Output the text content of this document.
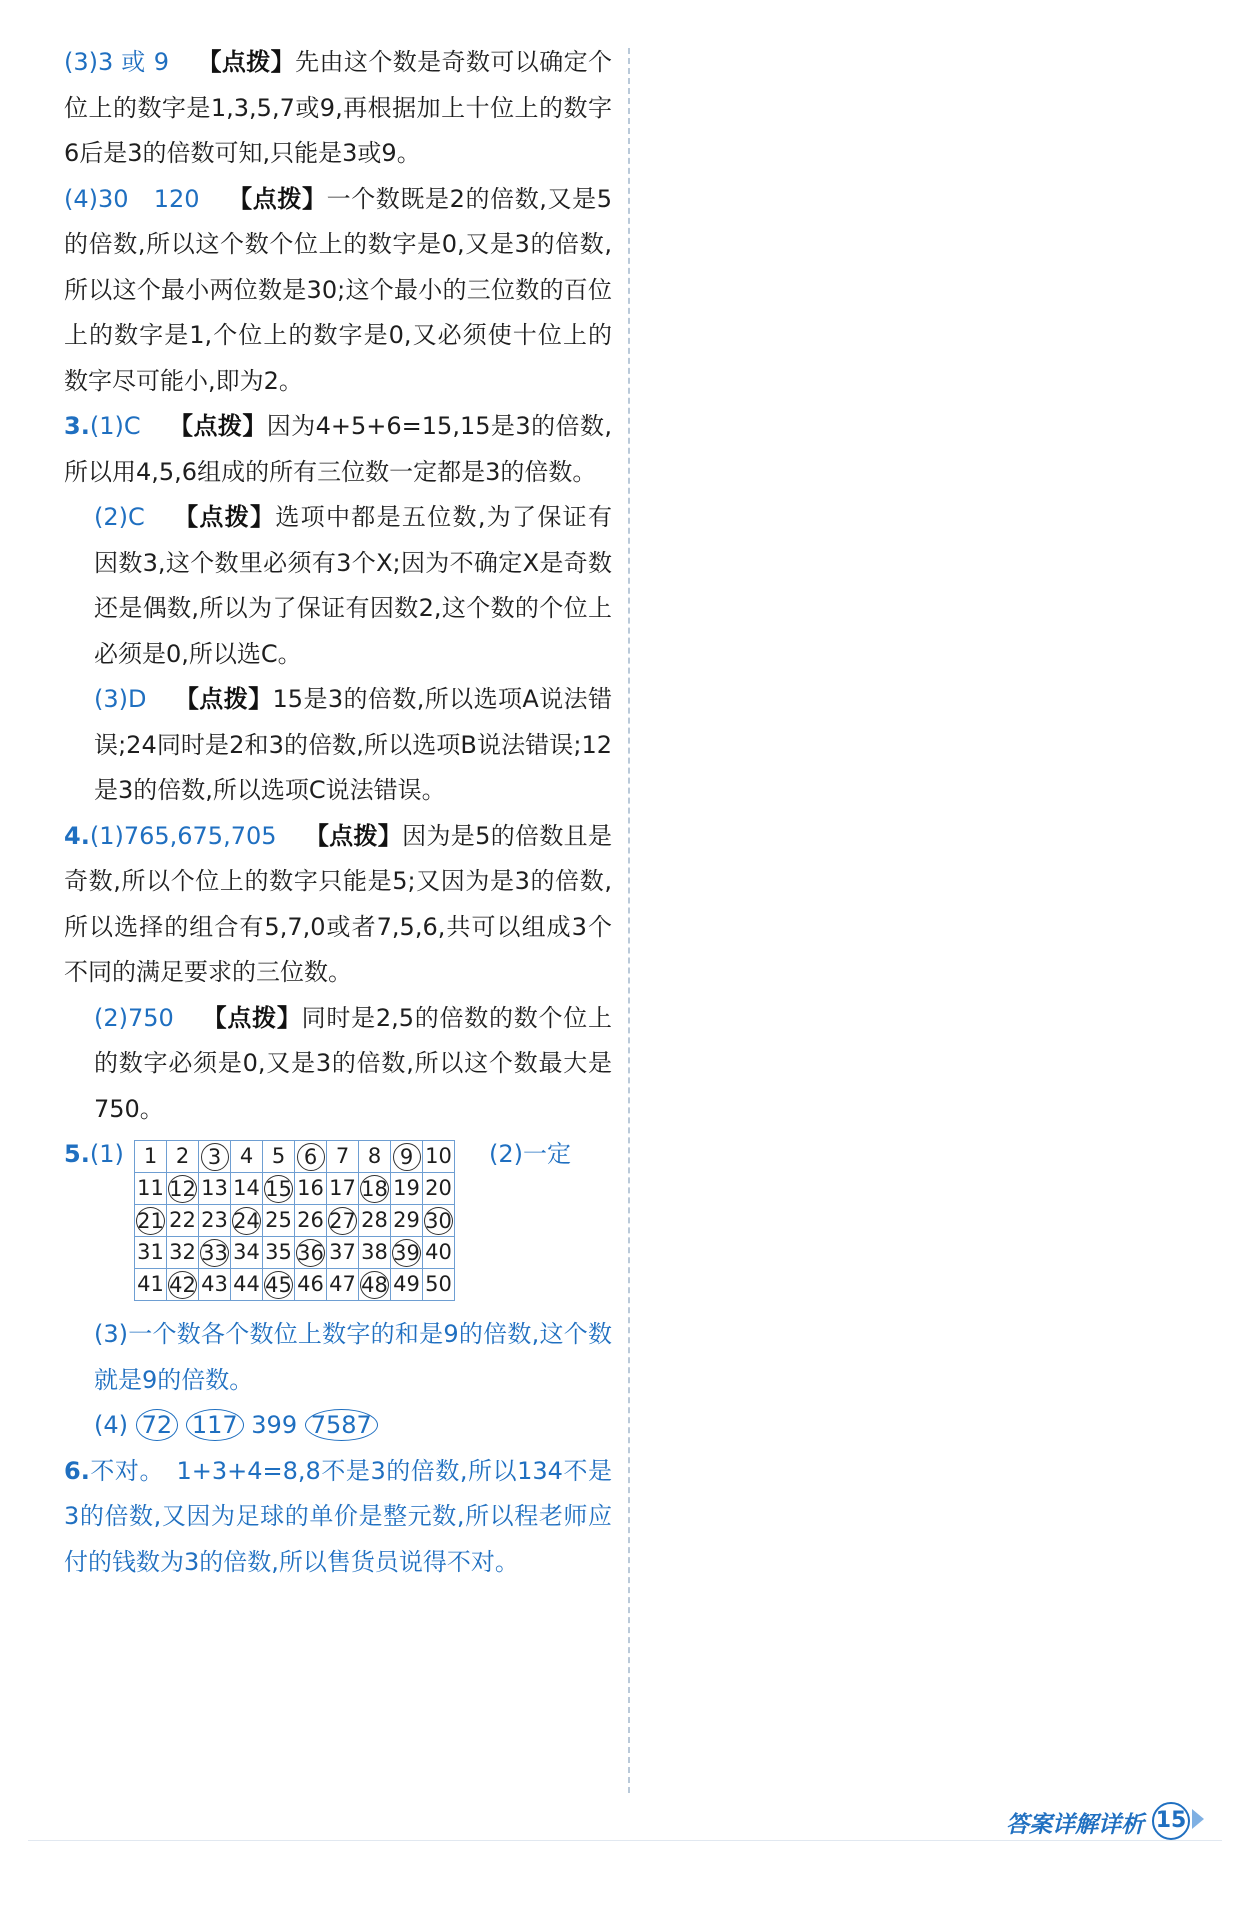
(3)3 或 9 【点拨】先由这个数是奇数可以确定个位上的数字是1,3,5,7或9,再根据加上十位上的数字6后是3的倍数可知,只能是3或9。

(4)30　120 【点拨】一个数既是2的倍数,又是5的倍数,所以这个数个位上的数字是0,又是3的倍数,所以这个最小两位数是30;这个最小的三位数的百位上的数字是1,个位上的数字是0,又必须使十位上的数字尽可能小,即为2。

3.(1)C 【点拨】因为4+5+6=15,15是3的倍数,所以用4,5,6组成的所有三位数一定都是3的倍数。

(2)C 【点拨】选项中都是五位数,为了保证有因数3,这个数里必须有3个X;因为不确定X是奇数还是偶数,所以为了保证有因数2,这个数的个位上必须是0,所以选C。

(3)D 【点拨】15是3的倍数,所以选项A说法错误;24同时是2和3的倍数,所以选项B说法错误;12是3的倍数,所以选项C说法错误。

4.(1)765,675,705 【点拨】因为是5的倍数且是奇数,所以个位上的数字只能是5;又因为是3的倍数,所以选择的组合有5,7,0或者7,5,6,共可以组成3个不同的满足要求的三位数。

(2)750 【点拨】同时是2,5的倍数的数个位上的数字必须是0,又是3的倍数,所以这个数最大是750。

5.(1) 1	2	3	4	5	6	7	8	9	10
11	12	13	14	15	16	17	18	19	20
21	22	23	24	25	26	27	28	29	30
31	32	33	34	35	36	37	38	39	40
41	42	43	44	45	46	47	48	49	50
(2)一定

(3)一个数各个数位上数字的和是9的倍数,这个数就是9的倍数。

(4) 72 117 399 7587

6.不对。　1+3+4=8,8不是3的倍数,所以134不是3的倍数,又因为足球的单价是整元数,所以程老师应付的钱数为3的倍数,所以售货员说得不对。

答案详解详析 15
